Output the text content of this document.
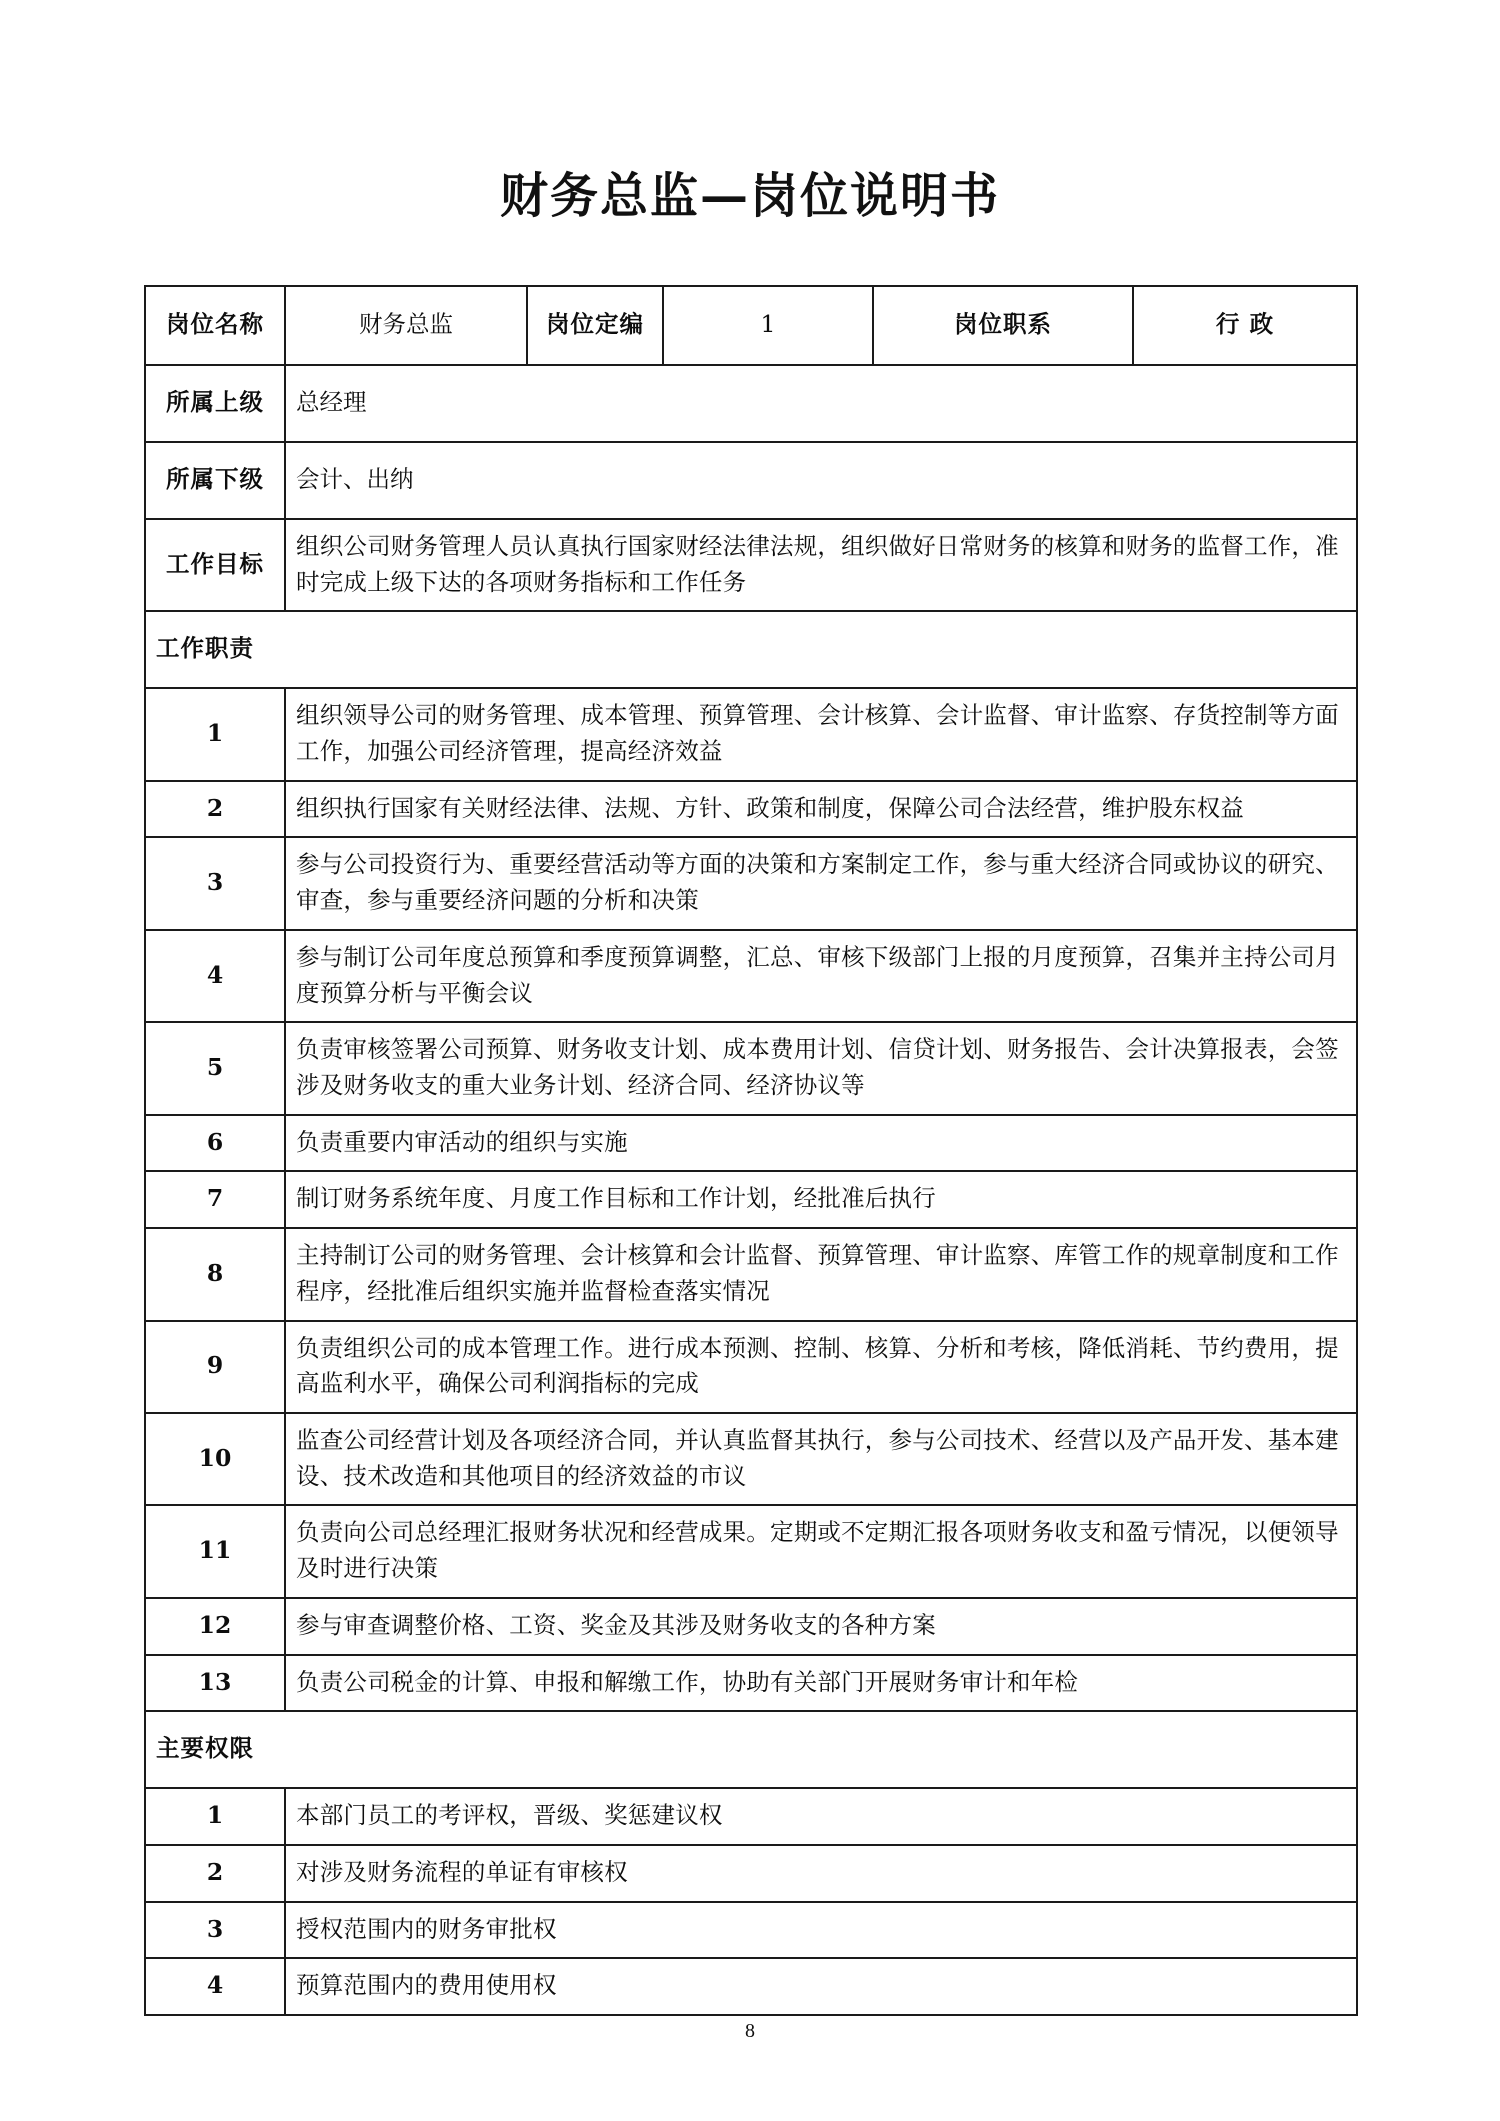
财务总监—岗位说明书
岗位名称	财务总监	岗位定编	1	岗位职系	行 政
所属上级	总经理				
所属下级	会计、出纳				
工作目标	组织公司财务管理人员认真执行国家财经法律法规，组织做好日常财务的核算和财务的监督工作，准时完成上级下达的各项财务指标和工作任务				
工作职责					
1	组织领导公司的财务管理、成本管理、预算管理、会计核算、会计监督、审计监察、存货控制等方面工作，加强公司经济管理，提高经济效益				
2	组织执行国家有关财经法律、法规、方针、政策和制度，保障公司合法经营，维护股东权益				
3	参与公司投资行为、重要经营活动等方面的决策和方案制定工作，参与重大经济合同或协议的研究、审查，参与重要经济问题的分析和决策				
4	参与制订公司年度总预算和季度预算调整，汇总、审核下级部门上报的月度预算，召集并主持公司月度预算分析与平衡会议				
5	负责审核签署公司预算、财务收支计划、成本费用计划、信贷计划、财务报告、会计决算报表，会签涉及财务收支的重大业务计划、经济合同、经济协议等				
6	负责重要内审活动的组织与实施				
7	制订财务系统年度、月度工作目标和工作计划，经批准后执行				
8	主持制订公司的财务管理、会计核算和会计监督、预算管理、审计监察、库管工作的规章制度和工作程序，经批准后组织实施并监督检查落实情况				
9	负责组织公司的成本管理工作。进行成本预测、控制、核算、分析和考核，降低消耗、节约费用，提高监利水平，确保公司利润指标的完成				
10	监查公司经营计划及各项经济合同，并认真监督其执行，参与公司技术、经营以及产品开发、基本建设、技术改造和其他项目的经济效益的市议				
11	负责向公司总经理汇报财务状况和经营成果。定期或不定期汇报各项财务收支和盈亏情况，以便领导及时进行决策				
12	参与审查调整价格、工资、奖金及其涉及财务收支的各种方案				
13	负责公司税金的计算、申报和解缴工作，协助有关部门开展财务审计和年检				
主要权限					
1	本部门员工的考评权，晋级、奖惩建议权				
2	对涉及财务流程的单证有审核权				
3	授权范围内的财务审批权				
4	预算范围内的费用使用权				
8
